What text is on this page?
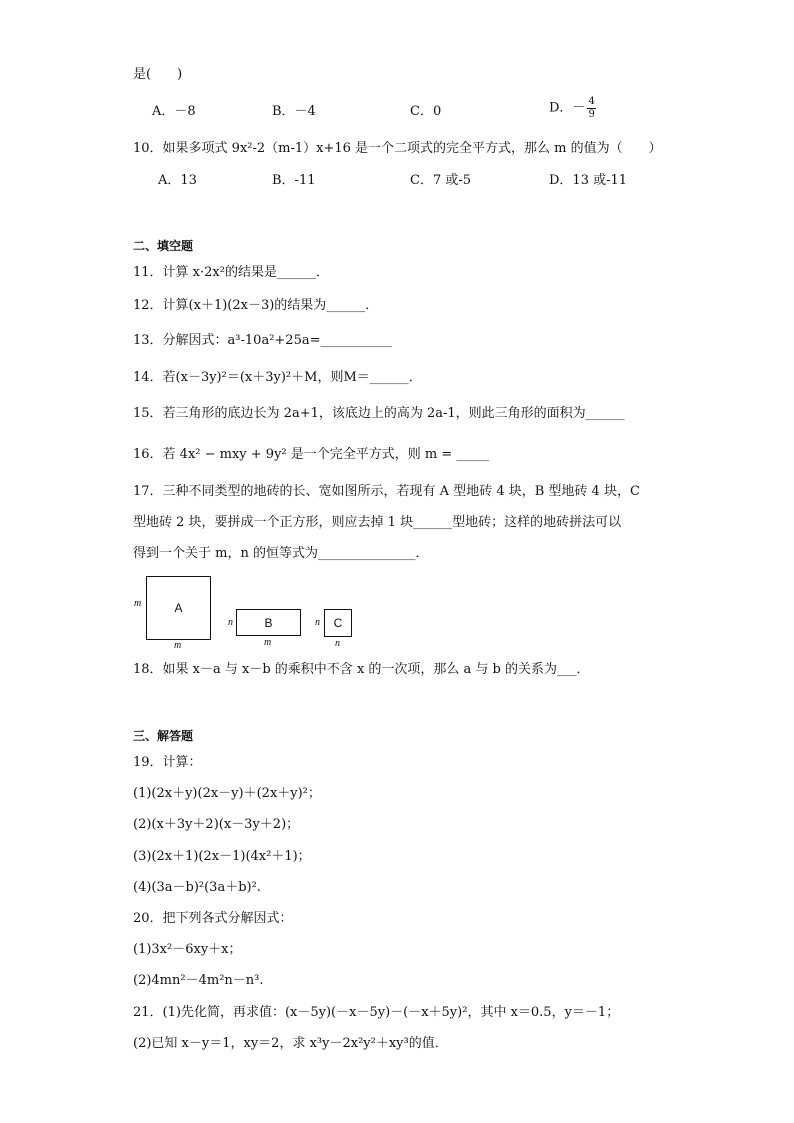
是(　　)
A．－8	B．－4	C．0	D．－ $\frac{4}{9}$
10．如果多项式 9x²-2（m-1）x+16 是一个二项式的完全平方式，那么 m 的值为（　　）
A．13	B．-11	C．7 或-5	D．13 或-11
二、填空题
11．计算 x·2x²的结果是______．
12．计算(x＋1)(2x－3)的结果为______．
13．分解因式：a³-10a²+25a=___________
14．若(x－3y)²＝(x＋3y)²＋M，则M＝______．
15．若三角形的底边长为 2a+1，该底边上的高为 2a-1，则此三角形的面积为______
16．若 4x² − mxy + 9y² 是一个完全平方式，则 m = _____
17．三种不同类型的地砖的长、宽如图所示，若现有 A 型地砖 4 块，B 型地砖 4 块，C
型地砖 2 块，要拼成一个正方形，则应去掉 1 块______型地砖；这样的地砖拼法可以
得到一个关于 m，n 的恒等式为_______________．
A
m
m
B
n
m
C
n
n
18．如果 x－a 与 x－b 的乘积中不含 x 的一次项，那么 a 与 b 的关系为___．
三、解答题
19．计算：
(1)(2x＋y)(2x－y)＋(2x＋y)²；
(2)(x＋3y＋2)(x－3y＋2)；
(3)(2x＋1)(2x－1)(4x²＋1)；
(4)(3a－b)²(3a＋b)².
20．把下列各式分解因式：
(1)3x²－6xy＋x；
(2)4mn²－4m²n－n³.
21．(1)先化简，再求值：(x－5y)(－x－5y)－(－x＋5y)²，其中 x＝0.5，y＝－1；
(2)已知 x－y＝1，xy＝2，求 x³y－2x²y²＋xy³的值．
